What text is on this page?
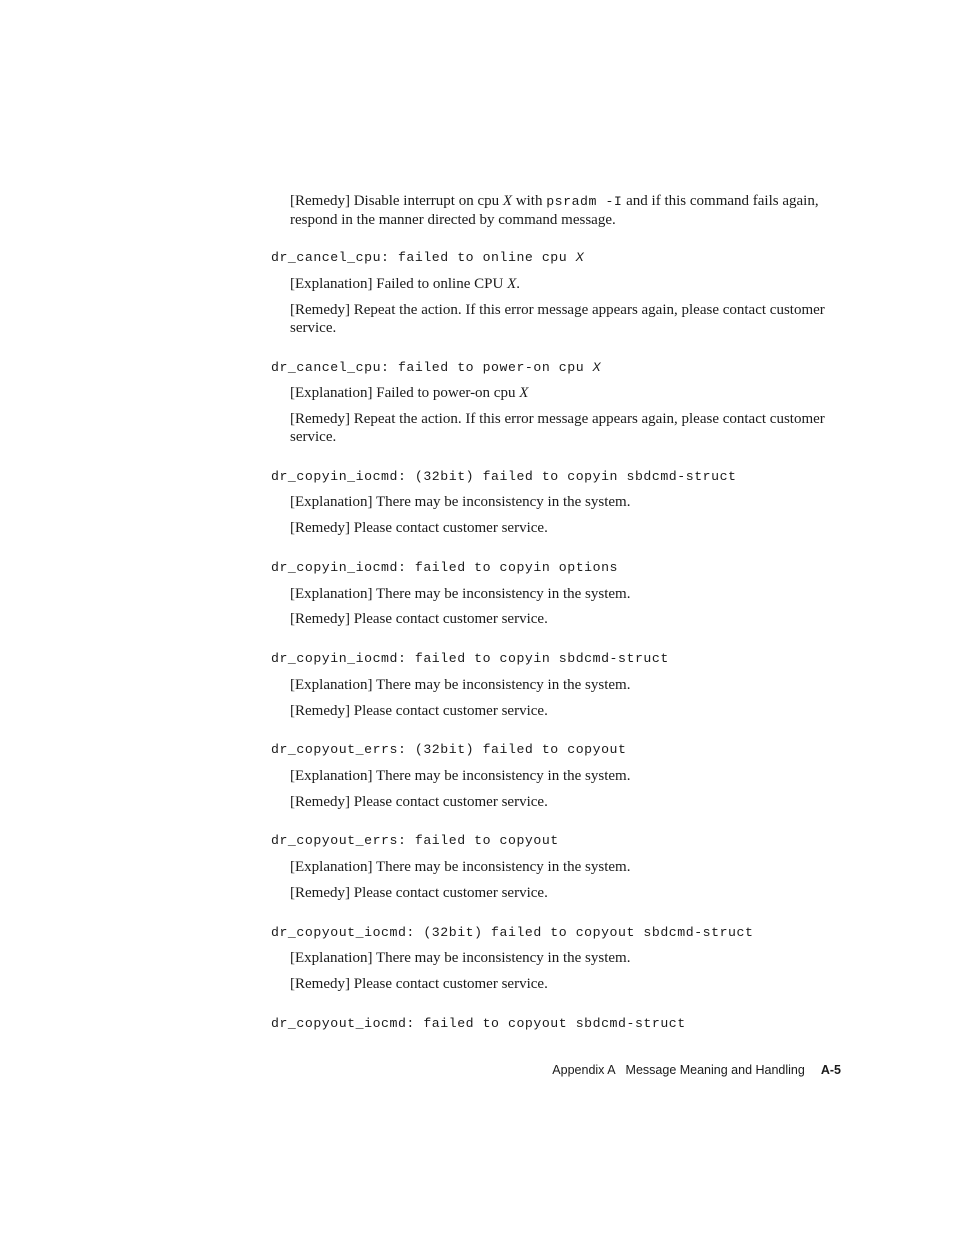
[Remedy] Disable interrupt on cpu X with psradm -I and if this command fails again, respond in the manner directed by command message.

dr_cancel_cpu: failed to online cpu X

[Explanation] Failed to online CPU X.

[Remedy] Repeat the action. If this error message appears again, please contact customer service.

dr_cancel_cpu: failed to power-on cpu X

[Explanation] Failed to power-on cpu X

[Remedy] Repeat the action. If this error message appears again, please contact customer service.

dr_copyin_iocmd: (32bit) failed to copyin sbdcmd-struct

[Explanation] There may be inconsistency in the system.

[Remedy] Please contact customer service.

dr_copyin_iocmd: failed to copyin options

[Explanation] There may be inconsistency in the system.

[Remedy] Please contact customer service.

dr_copyin_iocmd: failed to copyin sbdcmd-struct

[Explanation] There may be inconsistency in the system.

[Remedy] Please contact customer service.

dr_copyout_errs: (32bit) failed to copyout

[Explanation] There may be inconsistency in the system.

[Remedy] Please contact customer service.

dr_copyout_errs: failed to copyout

[Explanation] There may be inconsistency in the system.

[Remedy] Please contact customer service.

dr_copyout_iocmd: (32bit) failed to copyout sbdcmd-struct

[Explanation] There may be inconsistency in the system.

[Remedy] Please contact customer service.

dr_copyout_iocmd: failed to copyout sbdcmd-struct
Appendix A Message Meaning and Handling A-5
